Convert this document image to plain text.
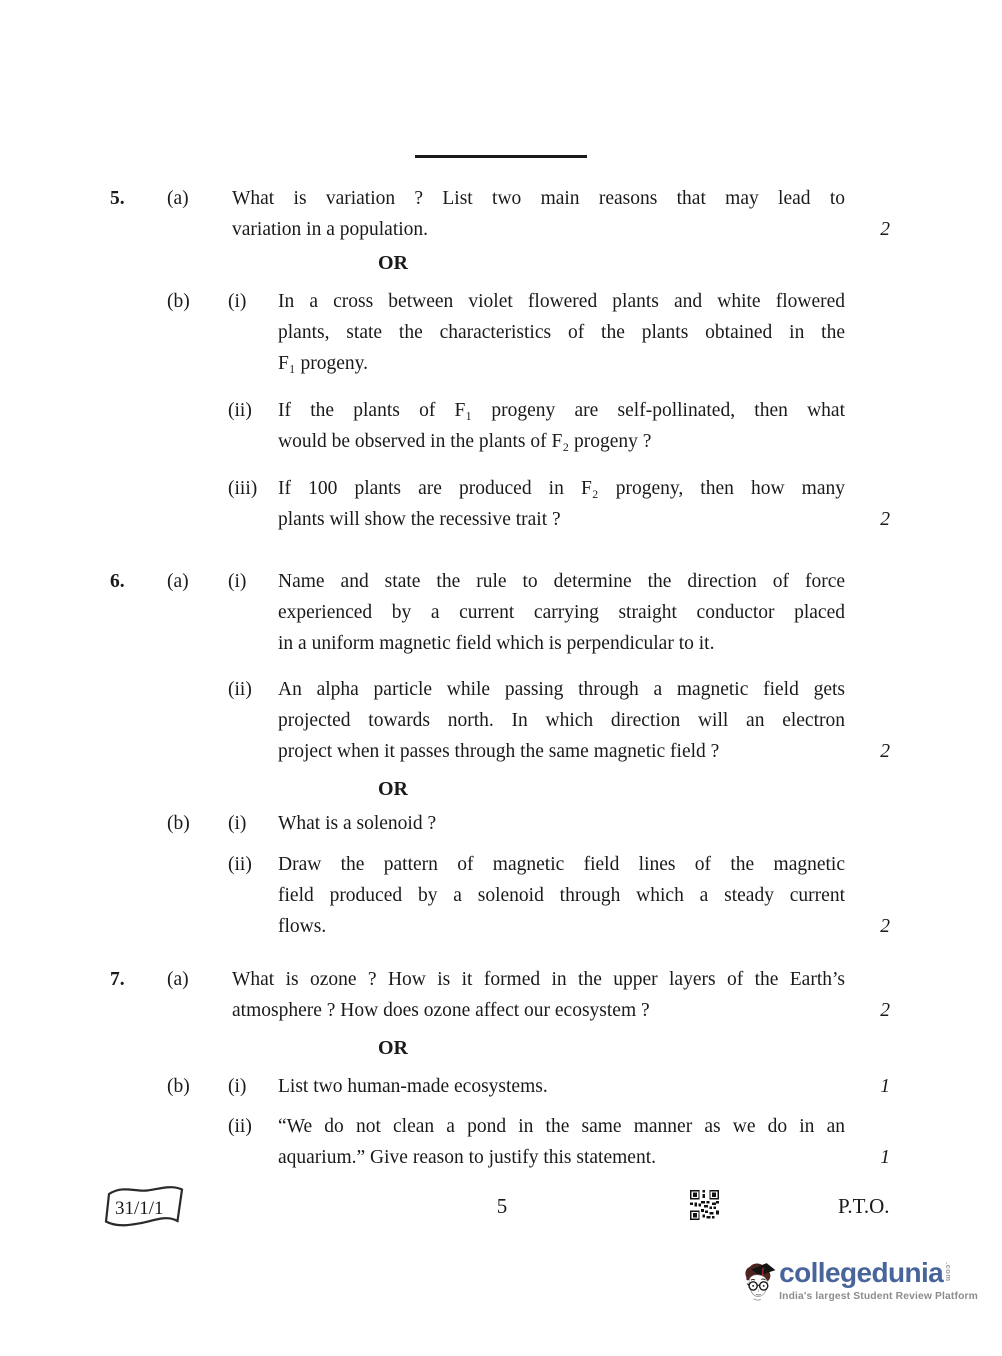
5.	(a)	What is variation ? List two main reasons that may lead to
variation in a population.	2
OR
(b)	(i)	In a cross between violet flowered plants and white flowered
plants, state the characteristics of the plants obtained in the
F₁ progeny.
(ii)	If the plants of F₁ progeny are self-pollinated, then what
would be observed in the plants of F₂ progeny ?
(iii)	If 100 plants are produced in F₂ progeny, then how many
plants will show the recessive trait ?	2
6.	(a)	(i)	Name and state the rule to determine the direction of force
experienced by a current carrying straight conductor placed
in a uniform magnetic field which is perpendicular to it.
(ii)	An alpha particle while passing through a magnetic field gets
projected towards north. In which direction will an electron
project when it passes through the same magnetic field ?	2
OR
(b)	(i)	What is a solenoid ?
(ii)	Draw the pattern of magnetic field lines of the magnetic
field produced by a solenoid through which a steady current
flows.	2
7.	(a)	What is ozone ? How is it formed in the upper layers of the Earth’s
atmosphere ? How does ozone affect our ecosystem ?	2
OR
(b)	(i)	List two human-made ecosystems.	1
(ii)	“We do not clean a pond in the same manner as we do in an
aquarium.” Give reason to justify this statement.	1
31/1/1	5	P.T.O.
collegedunia .com
India's largest Student Review Platform
